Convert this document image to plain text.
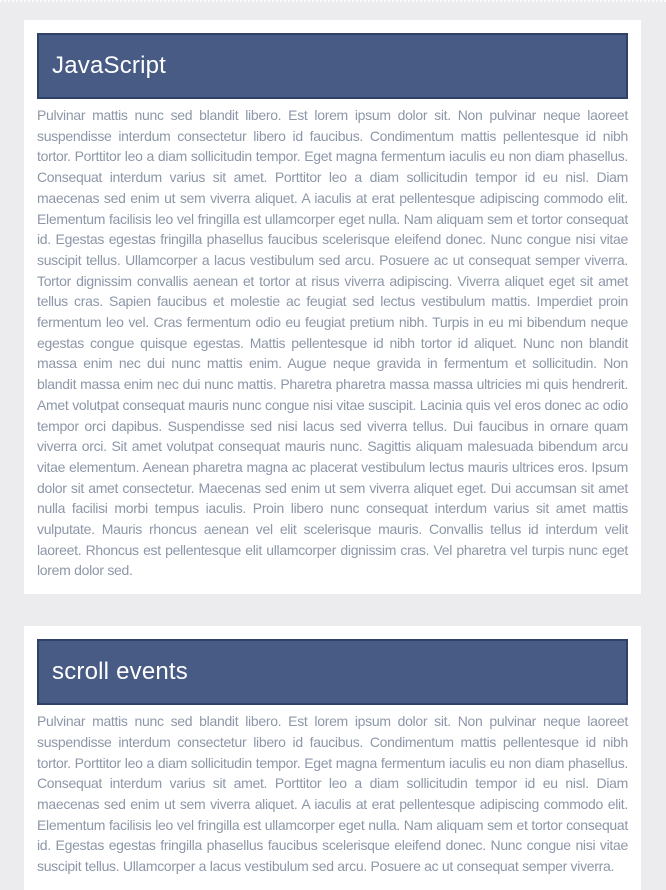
JavaScript

Pulvinar mattis nunc sed blandit libero. Est lorem ipsum dolor sit. Non pulvinar neque laoreet suspendisse interdum consectetur libero id faucibus. Condimentum mattis pellentesque id nibh tortor. Porttitor leo a diam sollicitudin tempor. Eget magna fermentum iaculis eu non diam phasellus. Consequat interdum varius sit amet. Porttitor leo a diam sollicitudin tempor id eu nisl. Diam maecenas sed enim ut sem viverra aliquet. A iaculis at erat pellentesque adipiscing commodo elit. Elementum facilisis leo vel fringilla est ullamcorper eget nulla. Nam aliquam sem et tortor consequat id. Egestas egestas fringilla phasellus faucibus scelerisque eleifend donec. Nunc congue nisi vitae suscipit tellus. Ullamcorper a lacus vestibulum sed arcu. Posuere ac ut consequat semper viverra. Tortor dignissim convallis aenean et tortor at risus viverra adipiscing. Viverra aliquet eget sit amet tellus cras. Sapien faucibus et molestie ac feugiat sed lectus vestibulum mattis. Imperdiet proin fermentum leo vel. Cras fermentum odio eu feugiat pretium nibh. Turpis in eu mi bibendum neque egestas congue quisque egestas. Mattis pellentesque id nibh tortor id aliquet. Nunc non blandit massa enim nec dui nunc mattis enim. Augue neque gravida in fermentum et sollicitudin. Non blandit massa enim nec dui nunc mattis. Pharetra pharetra massa massa ultricies mi quis hendrerit. Amet volutpat consequat mauris nunc congue nisi vitae suscipit. Lacinia quis vel eros donec ac odio tempor orci dapibus. Suspendisse sed nisi lacus sed viverra tellus. Dui faucibus in ornare quam viverra orci. Sit amet volutpat consequat mauris nunc. Sagittis aliquam malesuada bibendum arcu vitae elementum. Aenean pharetra magna ac placerat vestibulum lectus mauris ultrices eros. Ipsum dolor sit amet consectetur. Maecenas sed enim ut sem viverra aliquet eget. Dui accumsan sit amet nulla facilisi morbi tempus iaculis. Proin libero nunc consequat interdum varius sit amet mattis vulputate. Mauris rhoncus aenean vel elit scelerisque mauris. Convallis tellus id interdum velit laoreet. Rhoncus est pellentesque elit ullamcorper dignissim cras. Vel pharetra vel turpis nunc eget lorem dolor sed.

scroll events

Pulvinar mattis nunc sed blandit libero. Est lorem ipsum dolor sit. Non pulvinar neque laoreet suspendisse interdum consectetur libero id faucibus. Condimentum mattis pellentesque id nibh tortor. Porttitor leo a diam sollicitudin tempor. Eget magna fermentum iaculis eu non diam phasellus. Consequat interdum varius sit amet. Porttitor leo a diam sollicitudin tempor id eu nisl. Diam maecenas sed enim ut sem viverra aliquet. A iaculis at erat pellentesque adipiscing commodo elit. Elementum facilisis leo vel fringilla est ullamcorper eget nulla. Nam aliquam sem et tortor consequat id. Egestas egestas fringilla phasellus faucibus scelerisque eleifend donec. Nunc congue nisi vitae suscipit tellus. Ullamcorper a lacus vestibulum sed arcu. Posuere ac ut consequat semper viverra.
